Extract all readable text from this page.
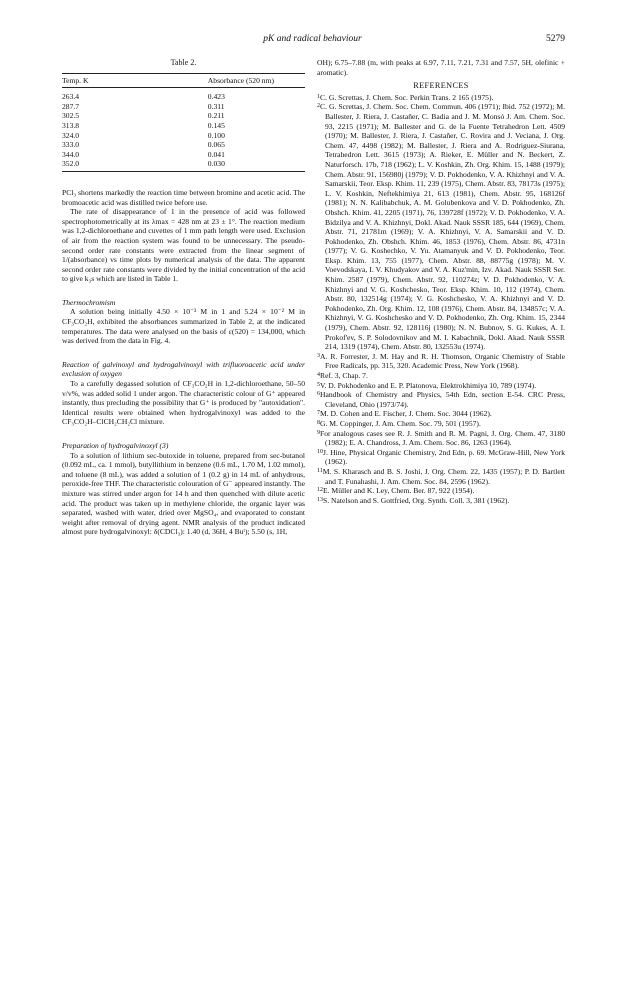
pK and radical behaviour	5279
Table 2.
Temp. K	Absorbance (520 nm)

263.4	0.423
287.7	0.311
302.5	0.211
313.8	0.145
324.0	0.100
333.0	0.065
344.0	0.041
352.0	0.030

PCl₃ shortens markedly the reaction time between bromine and acetic acid. The bromoacetic acid was distilled twice before use.

The rate of disappearance of 1 in the presence of acid was followed spectrophotometrically at its λmax = 428 nm at 23 ± 1°. The reaction medium was 1,2-dichloroethane and cuvettes of 1 mm path length were used. Exclusion of air from the reaction system was found to be unnecessary. The pseudo-second order rate constants were extracted from the linear segment of 1/(absorbance) vs time plots by numerical analysis of the data. The apparent second order rate constants were divided by the initial concentration of the acid to give k₃s which are listed in Table 1.

Thermochromism

A solution being initially 4.50 × 10⁻³ M in 1 and 5.24 × 10⁻² M in CF₃CO₂H, exhibited the absorbances summarized in Table 2, at the indicated temperatures. The data were analysed on the basis of ε(520) = 134,000, which was derived from the data in Fig. 4.

Reaction of galvinoxyl and hydrogalvinoxyl with trifluoroacetic acid under exclusion of oxygen

To a carefully degassed solution of CF₃CO₂H in 1,2-dichloroethane, 50–50 v/v%, was added solid 1 under argon. The characteristic colour of G⁺ appeared instantly, thus precluding the possibility that G⁺ is produced by "autoxidation". Identical results were obtained when hydrogalvinoxyl was added to the CF₃CO₂H–ClCH₂CH₂Cl mixture.

Preparation of hydrogalvinoxyl (3)

To a solution of lithium sec-butoxide in toluene, prepared from sec-butanol (0.092 mL, ca. 1 mmol), butyllithium in benzene (0.6 mL, 1.70 M, 1.02 mmol), and toluene (8 mL), was added a solution of 1 (0.2 g) in 14 mL of anhydrous, peroxide-free THF. The characteristic colouration of G⁻ appeared instantly. The mixture was stirred under argon for 14 h and then quenched with dilute acetic acid. The product was taken up in methylene chloride, the organic layer was separated, washed with water, dried over MgSO₄, and evaporated to constant weight after removal of drying agent. NMR analysis of the product indicated almost pure hydrogalvinoxyl: δ(CDCl₃): 1.40 (d, 36H, 4 Buᵗ); 5.50 (s, 1H,

OH); 6.75–7.88 (m, with peaks at 6.97, 7.11, 7.21, 7.31 and 7.57, 5H, olefinic + aromatic).

REFERENCES

$^1$C. G. Screttas, J. Chem. Soc. Perkin Trans. 2 165 (1975).

$^2$C. G. Screttas, J. Chem. Soc. Chem. Commun. 406 (1971); Ibid. 752 (1972); M. Ballester, J. Riera, J. Castañer, C. Badia and J. M. Monsó J. Am. Chem. Soc. 93, 2215 (1971); M. Ballester and G. de la Fuente Tetrahedron Lett. 4509 (1970); M. Ballester, J. Riera, J. Castañer, C. Rovira and J. Veciana, J. Org. Chem. 47, 4498 (1982); M. Ballester, J. Riera and A. Rodriguez-Siurana, Tetrahedron Lett. 3615 (1973); A. Rieker, E. Müller and N. Beckert, Z. Naturforsch. 17b, 718 (1962); L. V. Koshkin, Zh. Org. Khim. 15, 1488 (1979); Chem. Abstr. 91, 156980j (1979); V. D. Pokhodenko, V. A. Khizhnyi and V. A. Samarskii, Teor. Eksp. Khim. 11, 239 (1975), Chem. Abstr. 83, 78173s (1975); L. V. Koshkin, Neftekhimiya 21, 613 (1981), Chem. Abstr. 95, 168126f (1981); N. N. Kalibabchuk, A. M. Golubenkova and V. D. Pokhodenko, Zh. Obshch. Khim. 41, 2205 (1971), 76, 139728f (1972); V. D. Pokhodenko, V. A. Bidzilya and V. A. Khizhnyi, Dokl. Akad. Nauk SSSR 185, 644 (1969), Chem. Abstr. 71, 21781m (1969); V. A. Khizhnyi, V. A. Samarskii and V. D. Pokhodenko, Zh. Obshch. Khim. 46, 1853 (1976), Chem. Abstr. 86, 4731n (1977); V. G. Koshechko, V. Yu. Atamanyuk and V. D. Pokhodenko, Teor. Eksp. Khim. 13, 755 (1977), Chem. Abstr. 88, 88775g (1978); M. V. Voevodskaya, I. V. Khudyakov and V. A. Kuz'min, Izv. Akad. Nauk SSSR Ser. Khim. 2587 (1979), Chem. Abstr. 92, 110274z; V. D. Pokhodenko, V. A. Khizhnyi and V. G. Koshchesko, Teor. Eksp. Khim. 10, 112 (1974), Chem. Abstr. 80, 132514g (1974); V. G. Koshchesko, V. A. Khizhnyi and V. D. Pokhodenko, Zh. Org. Khim. 12, 108 (1976), Chem. Abstr. 84, 134857c; V. A. Khizhnyi, V. G. Koshchesko and V. D. Pokhodenko, Zh. Org. Khim. 15, 2344 (1979), Chem. Abstr. 92, 128116j (1980); N. N. Bubnov, S. G. Kukes, A. I. Prokof'ev, S. P. Solodovnikov and M. I. Kabachnik, Dokl. Akad. Nauk SSSR 214, 1319 (1974), Chem. Abstr. 80, 132553u (1974).

$^3$A. R. Forrester, J. M. Hay and R. H. Thomson, Organic Chemistry of Stable Free Radicals, pp. 315, 320. Academic Press, New York (1968).

$^4$Ref. 3, Chap. 7.

$^5$V. D. Pokhodenko and E. P. Platonova, Elektrokhimiya 10, 789 (1974).

$^6$Handbook of Chemistry and Physics, 54th Edn, section E-54. CRC Press, Cleveland, Ohio (1973/74).

$^7$M. D. Cohen and E. Fischer, J. Chem. Soc. 3044 (1962).

$^8$G. M. Coppinger, J. Am. Chem. Soc. 79, 501 (1957).

$^9$For analogous cases see R. J. Smith and R. M. Pagni, J. Org. Chem. 47, 3180 (1982); E. A. Chandross, J. Am. Chem. Soc. 86, 1263 (1964).

$^{10}$J. Hine, Physical Organic Chemistry, 2nd Edn, p. 69. McGraw-Hill, New York (1962).

$^{11}$M. S. Kharasch and B. S. Joshi, J. Org. Chem. 22, 1435 (1957); P. D. Bartlett and T. Funahashi, J. Am. Chem. Soc. 84, 2596 (1962).

$^{12}$E. Müller and K. Ley, Chem. Ber. 87, 922 (1954).

$^{13}$S. Natelson and S. Gottfried, Org. Synth. Coll. 3, 381 (1962).
